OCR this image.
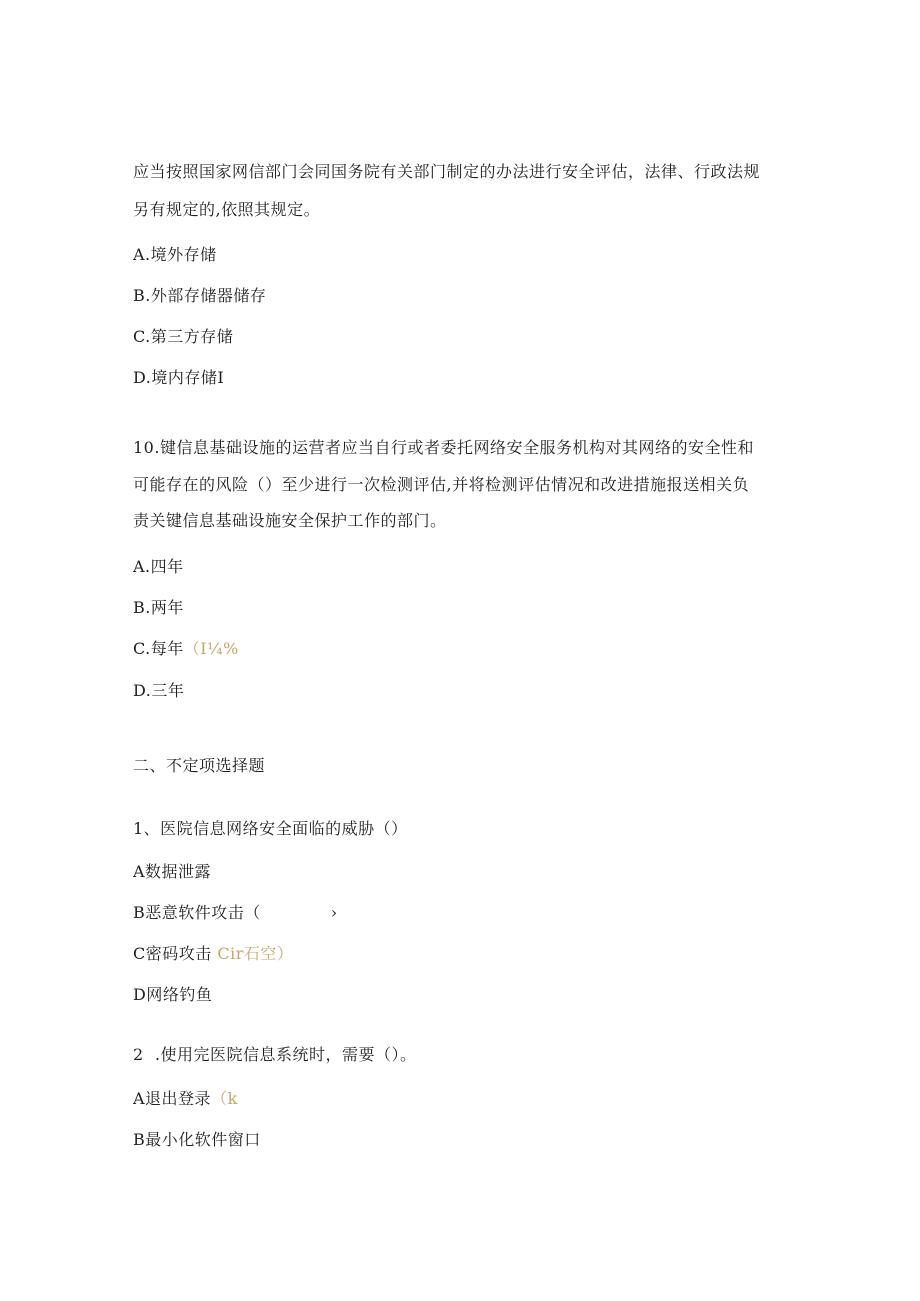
应当按照国家网信部门会同国务院有关部门制定的办法进行安全评估，法律、行政法规
另有规定的,依照其规定。
A.境外存储
B.外部存储器储存
C.第三方存储
D.境内存储I
10.键信息基础设施的运营者应当自行或者委托网络安全服务机构对其网络的安全性和
可能存在的风险（）至少进行一次检测评估,并将检测评估情况和改进措施报送相关负
责关键信息基础设施安全保护工作的部门。
A.四年
B.两年
C.每年（I¼%
D.三年
二、不定项选择题
1、医院信息网络安全面临的威胁（）
A数据泄露
B恶意软件攻击（	›
C密码攻击 Cir石空）
D网络钓鱼
2  .使用完医院信息系统时，需要（）。
A退出登录（k
B最小化软件窗口
